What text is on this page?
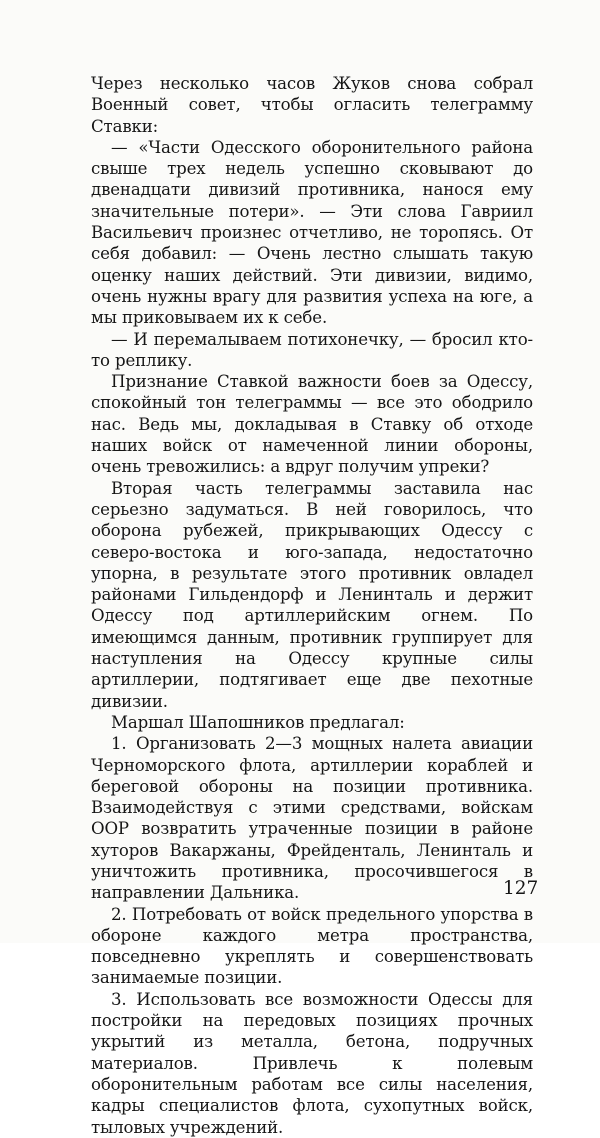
Через несколько часов Жуков снова собрал Военный совет, чтобы огласить телеграмму Ставки:

— «Части Одесского оборонительного района свыше трех недель успешно сковывают до двенадцати дивизий противника, нанося ему значительные потери». — Эти слова Гавриил Васильевич произнес отчетливо, не торопясь. От себя добавил: — Очень лестно слышать такую оценку наших действий. Эти дивизии, видимо, очень нужны врагу для развития успеха на юге, а мы приковываем их к себе.

— И перемалываем потихонечку, — бросил кто-то реплику.

Признание Ставкой важности боев за Одессу, спокойный тон телеграммы — все это ободрило нас. Ведь мы, докладывая в Ставку об отходе наших войск от намеченной линии обороны, очень тревожились: а вдруг получим упреки?

Вторая часть телеграммы заставила нас серьезно задуматься. В ней говорилось, что оборона рубежей, прикрывающих Одессу с северо-востока и юго-запада, недостаточно упорна, в результате этого противник овладел районами Гильдендорф и Ленинталь и держит Одессу под артиллерийским огнем. По имеющимся данным, противник группирует для наступления на Одессу крупные силы артиллерии, подтягивает еще две пехотные дивизии.

Маршал Шапошников предлагал:

1. Организовать 2—3 мощных налета авиации Черноморского флота, артиллерии кораблей и береговой обороны на позиции противника. Взаимодействуя с этими средствами, войскам ООР возвратить утраченные позиции в районе хуторов Вакаржаны, Фрейденталь, Ленинталь и уничтожить противника, просочившегося в направлении Дальника.

2. Потребовать от войск предельного упорства в обороне каждого метра пространства, повседневно укреплять и совершенствовать занимаемые позиции.

3. Использовать все возможности Одессы для постройки на передовых позициях прочных укрытий из металла, бетона, подручных материалов. Привлечь к полевым оборонительным работам все силы населения, кадры специалистов флота, сухопутных войск, тыловых учреждений.

127
